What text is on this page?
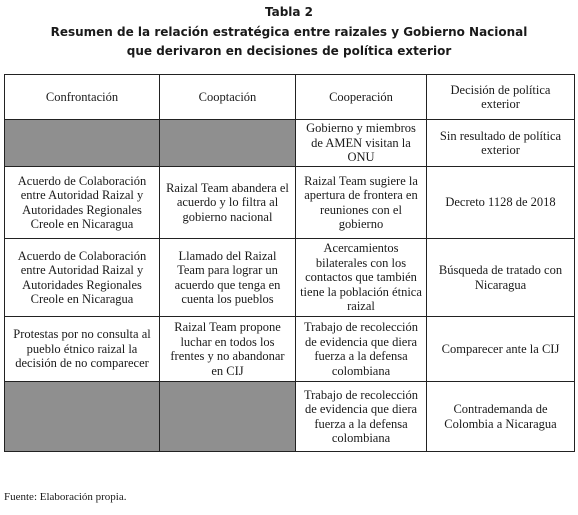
Tabla 2
Resumen de la relación estratégica entre raizales y Gobierno Nacional
que derivaron en decisiones de política exterior
Confrontación	Cooptación	Cooperación	Decisión de política exterior
		Gobierno y miembros de AMEN visitan la ONU	Sin resultado de política exterior
Acuerdo de Colaboración entre Autoridad Raizal y Autoridades Regionales Creole en Nicaragua	Raizal Team abandera el acuerdo y lo filtra al gobierno nacional	Raizal Team sugiere la apertura de frontera en reuniones con el gobierno	Decreto 1128 de 2018
Acuerdo de Colaboración entre Autoridad Raizal y Autoridades Regionales Creole en Nicaragua	Llamado del Raizal Team para lograr un acuerdo que tenga en cuenta los pueblos	Acercamientos bilaterales con los contactos que también tiene la población étnica raizal	Búsqueda de tratado con Nicaragua
Protestas por no consulta al pueblo étnico raizal la decisión de no comparecer	Raizal Team propone luchar en todos los frentes y no abandonar en CIJ	Trabajo de recolección de evidencia que diera fuerza a la defensa colombiana	Comparecer ante la CIJ
		Trabajo de recolección de evidencia que diera fuerza a la defensa colombiana	Contrademanda de Colombia a Nicaragua
Fuente: Elaboración propia.
